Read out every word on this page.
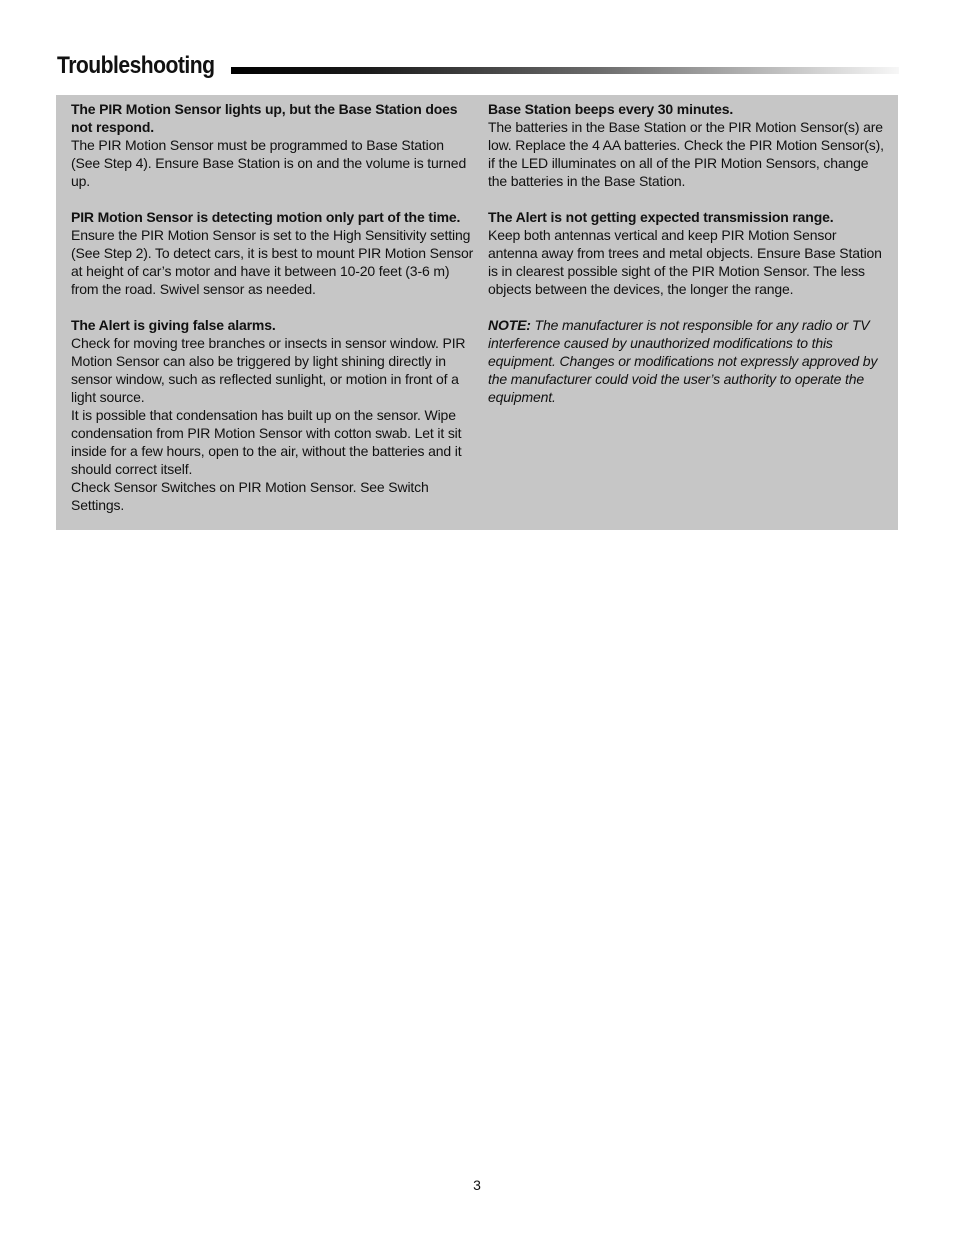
Troubleshooting
The PIR Motion Sensor lights up, but the Base Station does not respond.
The PIR Motion Sensor must be programmed to Base Station (See Step 4). Ensure Base Station is on and the volume is turned up.
PIR Motion Sensor is detecting motion only part of the time.
Ensure the PIR Motion Sensor is set to the High Sensitivity setting (See Step 2). To detect cars, it is best to mount PIR Motion Sensor at height of car’s motor and have it between 10-20 feet (3-6 m) from the road. Swivel sensor as needed.
The Alert is giving false alarms.
Check for moving tree branches or insects in sensor window. PIR Motion Sensor can also be triggered by light shining directly in sensor window, such as reflected sunlight, or motion in front of a light source.
It is possible that condensation has built up on the sensor. Wipe condensation from PIR Motion Sensor with cotton swab. Let it sit inside for a few hours, open to the air, without the batteries and it should correct itself.
Check Sensor Switches on PIR Motion Sensor. See Switch Settings.
Base Station beeps every 30 minutes.
The batteries in the Base Station or the PIR Motion Sensor(s) are low. Replace the 4 AA batteries. Check the PIR Motion Sensor(s), if the LED illuminates on all of the PIR Motion Sensors, change the batteries in the Base Station.
The Alert is not getting expected transmission range.
Keep both antennas vertical and keep PIR Motion Sensor antenna away from trees and metal objects. Ensure Base Station is in clearest possible sight of the PIR Motion Sensor. The less objects between the devices, the longer the range.
NOTE: The manufacturer is not responsible for any radio or TV interference caused by unauthorized modifications to this equipment. Changes or modifications not expressly approved by the manufacturer could void the user’s authority to operate the equipment.
3
